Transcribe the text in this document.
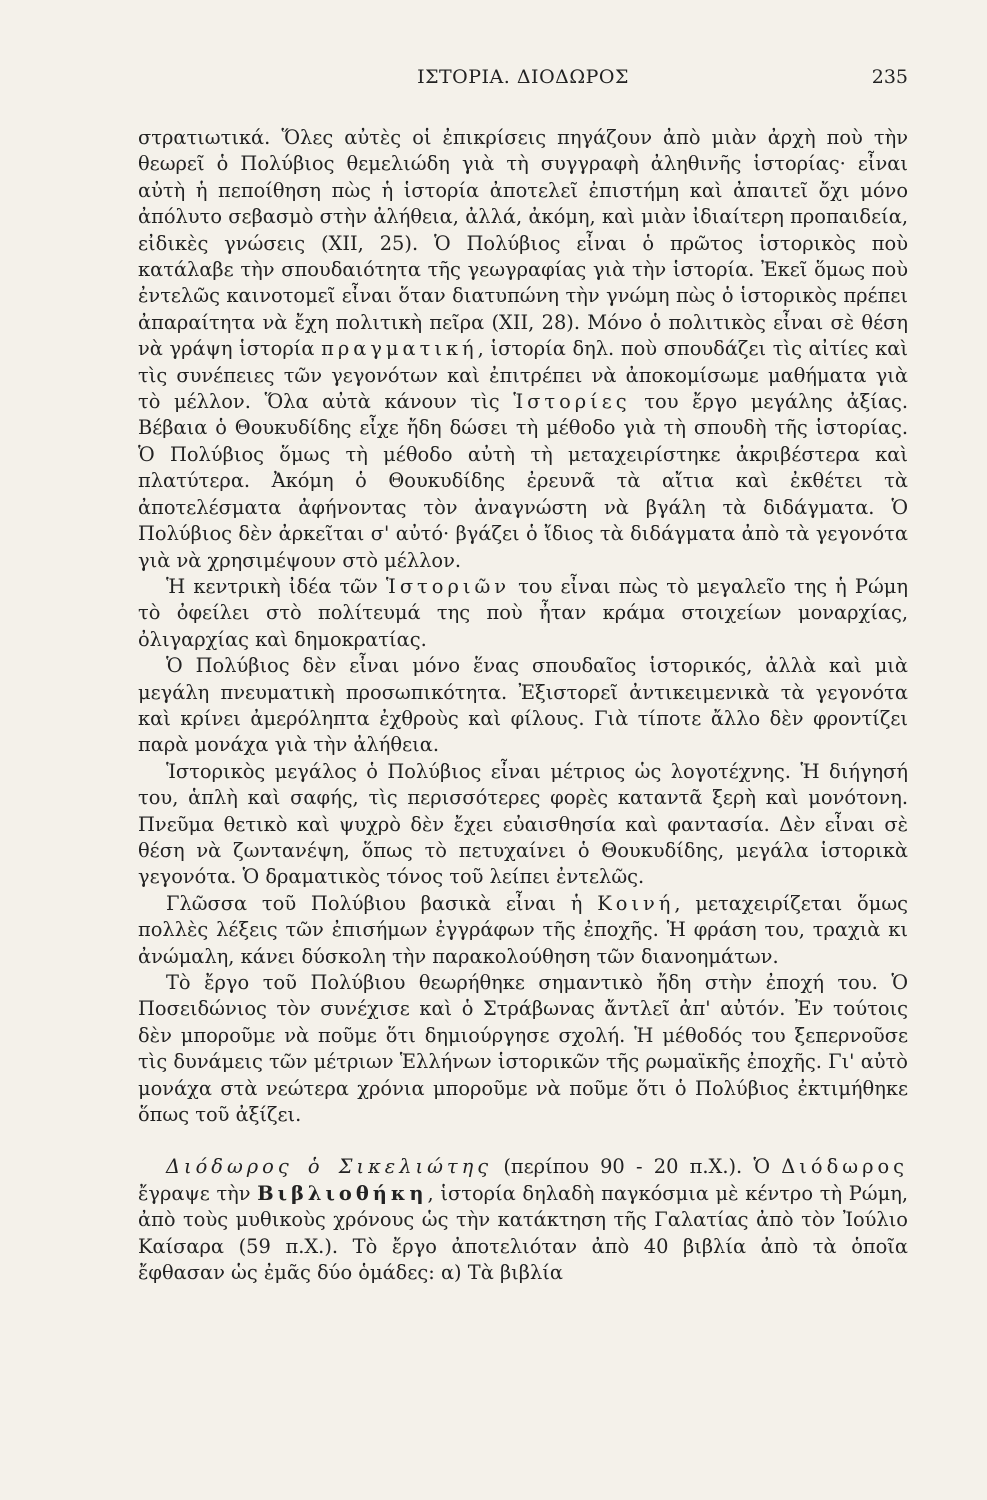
ΙΣΤΟΡΙΑ. ΔΙΟΔΩΡΟΣ	235

στρατιωτικά. Ὅλες αὐτὲς οἱ ἐπικρίσεις πηγάζουν ἀπὸ μιὰν ἀρχὴ ποὺ τὴν θεωρεῖ ὁ Πολύβιος θεμελιώδη γιὰ τὴ συγγραφὴ ἀληθινῆς ἱστορίας· εἶναι αὐτὴ ἡ πεποίθηση πὼς ἡ ἱστορία ἀποτελεῖ ἐπιστήμη καὶ ἀπαιτεῖ ὄχι μόνο ἀπόλυτο σεβασμὸ στὴν ἀλήθεια, ἀλλά, ἀκόμη, καὶ μιὰν ἰδιαίτερη προπαιδεία, εἰδικὲς γνώσεις (XII, 25). Ὁ Πολύβιος εἶναι ὁ πρῶτος ἱστορικὸς ποὺ κατάλαβε τὴν σπουδαιότητα τῆς γεωγραφίας γιὰ τὴν ἱστορία. Ἐκεῖ ὅμως ποὺ ἐντελῶς καινοτομεῖ εἶναι ὅταν διατυπώνη τὴν γνώμη πὼς ὁ ἱστορικὸς πρέπει ἀπαραίτητα νὰ ἔχη πολιτικὴ πεῖρα (XII, 28). Μόνο ὁ πολιτικὸς εἶναι σὲ θέση νὰ γράψη ἱστορία πραγματική, ἱστορία δηλ. ποὺ σπουδάζει τὶς αἰτίες καὶ τὶς συνέπειες τῶν γεγονότων καὶ ἐπιτρέπει νὰ ἀποκομίσωμε μαθήματα γιὰ τὸ μέλλον. Ὅλα αὐτὰ κάνουν τὶς Ἱστορίες του ἔργο μεγάλης ἀξίας. Βέβαια ὁ Θουκυδίδης εἶχε ἤδη δώσει τὴ μέθοδο γιὰ τὴ σπουδὴ τῆς ἱστορίας. Ὁ Πολύβιος ὅμως τὴ μέθοδο αὐτὴ τὴ μεταχειρίστηκε ἀκριβέστερα καὶ πλατύτερα. Ἀκόμη ὁ Θουκυδίδης ἐρευνᾶ τὰ αἴτια καὶ ἐκθέτει τὰ ἀποτελέσματα ἀφήνοντας τὸν ἀναγνώστη νὰ βγάλη τὰ διδάγματα. Ὁ Πολύβιος δὲν ἀρκεῖται σ' αὐτό· βγάζει ὁ ἴδιος τὰ διδάγματα ἀπὸ τὰ γεγονότα γιὰ νὰ χρησιμέψουν στὸ μέλλον.

Ἡ κεντρικὴ ἰδέα τῶν Ἱστοριῶν του εἶναι πὼς τὸ μεγαλεῖο της ἡ Ρώμη τὸ ὀφείλει στὸ πολίτευμά της ποὺ ἦταν κράμα στοιχείων μοναρχίας, ὀλιγαρχίας καὶ δημοκρατίας.

Ὁ Πολύβιος δὲν εἶναι μόνο ἕνας σπουδαῖος ἱστορικός, ἀλλὰ καὶ μιὰ μεγάλη πνευματικὴ προσωπικότητα. Ἐξιστορεῖ ἀντικειμενικὰ τὰ γεγονότα καὶ κρίνει ἀμερόληπτα ἐχθροὺς καὶ φίλους. Γιὰ τίποτε ἄλλο δὲν φροντίζει παρὰ μονάχα γιὰ τὴν ἀλήθεια.

Ἱστορικὸς μεγάλος ὁ Πολύβιος εἶναι μέτριος ὡς λογοτέχνης. Ἡ διήγησή του, ἁπλὴ καὶ σαφής, τὶς περισσότερες φορὲς καταντᾶ ξερὴ καὶ μονότονη. Πνεῦμα θετικὸ καὶ ψυχρὸ δὲν ἔχει εὐαισθησία καὶ φαντασία. Δὲν εἶναι σὲ θέση νὰ ζωντανέψη, ὅπως τὸ πετυχαίνει ὁ Θουκυδίδης, μεγάλα ἱστορικὰ γεγονότα. Ὁ δραματικὸς τόνος τοῦ λείπει ἐντελῶς.

Γλῶσσα τοῦ Πολύβιου βασικὰ εἶναι ἡ Κοινή, μεταχειρίζεται ὅμως πολλὲς λέξεις τῶν ἐπισήμων ἐγγράφων τῆς ἐποχῆς. Ἡ φράση του, τραχιὰ κι ἀνώμαλη, κάνει δύσκολη τὴν παρακολούθηση τῶν διανοημάτων.

Τὸ ἔργο τοῦ Πολύβιου θεωρήθηκε σημαντικὸ ἤδη στὴν ἐποχή του. Ὁ Ποσειδώνιος τὸν συνέχισε καὶ ὁ Στράβωνας ἄντλεῖ ἀπ' αὐτόν. Ἐν τούτοις δὲν μποροῦμε νὰ ποῦμε ὅτι δημιούργησε σχολή. Ἡ μέθοδός του ξεπερνοῦσε τὶς δυνάμεις τῶν μέτριων Ἑλλήνων ἱστορικῶν τῆς ρωμαϊκῆς ἐποχῆς. Γι' αὐτὸ μονάχα στὰ νεώτερα χρόνια μποροῦμε νὰ ποῦμε ὅτι ὁ Πολύβιος ἐκτιμήθηκε ὅπως τοῦ ἀξίζει.

Διόδωρος ὁ Σικελιώτης (περίπου 90 - 20 π.Χ.). Ὁ Διόδωρος ἔγραψε τὴν Βιβλιοθήκη, ἱστορία δηλαδὴ παγκόσμια μὲ κέντρο τὴ Ρώμη, ἀπὸ τοὺς μυθικοὺς χρόνους ὡς τὴν κατάκτηση τῆς Γαλατίας ἀπὸ τὸν Ἰούλιο Καίσαρα (59 π.Χ.). Τὸ ἔργο ἀποτελιόταν ἀπὸ 40 βιβλία ἀπὸ τὰ ὁποῖα ἔφθασαν ὡς ἐμᾶς δύο ὁμάδες: α) Τὰ βιβλία
